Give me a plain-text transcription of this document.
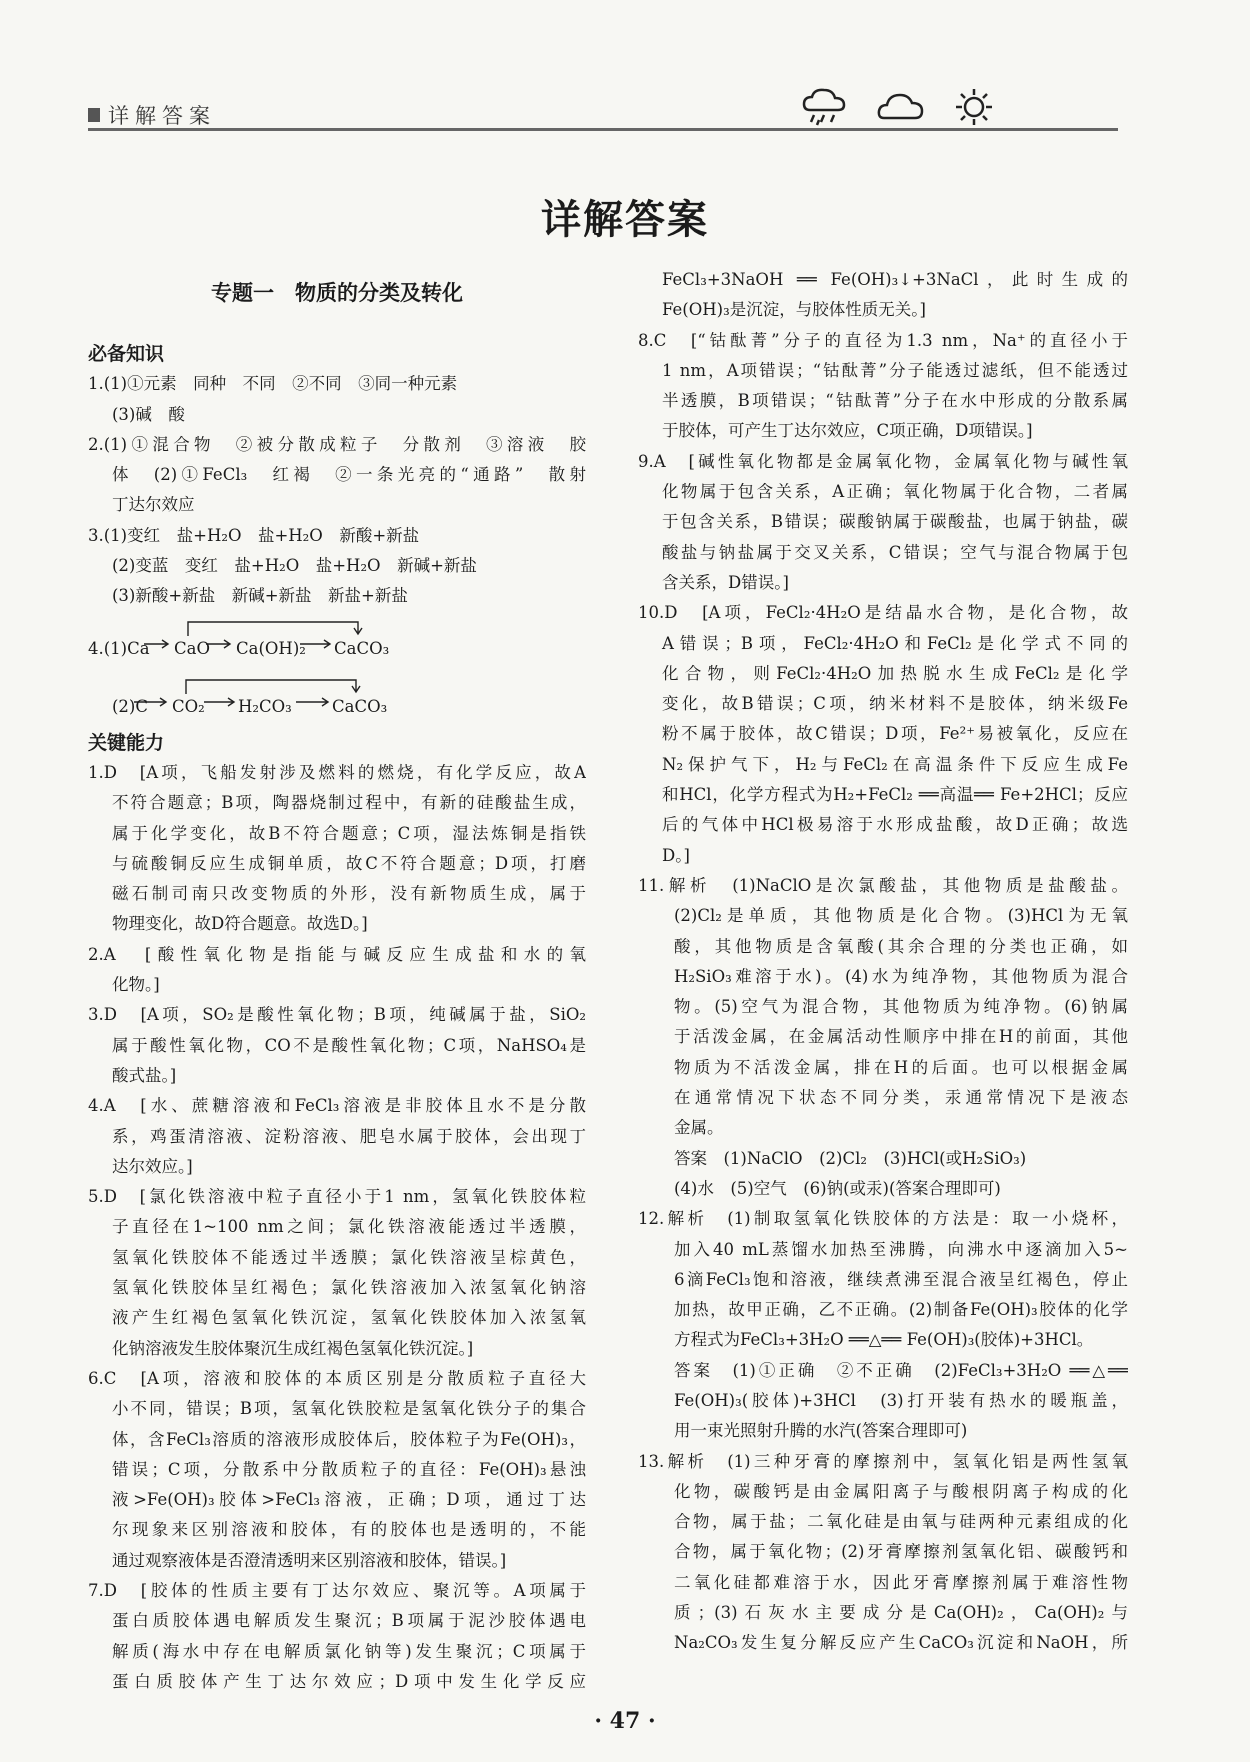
详解答案
详解答案
专题一　物质的分类及转化
必备知识
1.(1)①元素　同种　不同　②不同　③同一种元素
(3)碱　酸
2.(1)①混合物　②被分散成粒子　分散剂　③溶液　胶
体　(2)①FeCl₃　红褐　②一条光亮的“通路”　散射
丁达尔效应
3.(1)变红　盐+H₂O　盐+H₂O　新酸+新盐
(2)变蓝　变红　盐+H₂O　盐+H₂O　新碱+新盐
(3)新酸+新盐　新碱+新盐　新盐+新盐
4.(1)Ca CaO Ca(OH)₂ CaCO₃
(2)C CO₂ H₂CO₃ CaCO₃
关键能力
1.D　[A项，飞船发射涉及燃料的燃烧，有化学反应，故A
不符合题意；B项，陶器烧制过程中，有新的硅酸盐生成，
属于化学变化，故B不符合题意；C项，湿法炼铜是指铁
与硫酸铜反应生成铜单质，故C不符合题意；D项，打磨
磁石制司南只改变物质的外形，没有新物质生成，属于
物理变化，故D符合题意。故选D。]
2.A　[酸性氧化物是指能与碱反应生成盐和水的氧
化物。]
3.D　[A项，SO₂是酸性氧化物；B项，纯碱属于盐，SiO₂
属于酸性氧化物，CO不是酸性氧化物；C项，NaHSO₄是
酸式盐。]
4.A　[水、蔗糖溶液和FeCl₃溶液是非胶体且水不是分散
系，鸡蛋清溶液、淀粉溶液、肥皂水属于胶体，会出现丁
达尔效应。]
5.D　[氯化铁溶液中粒子直径小于1 nm，氢氧化铁胶体粒
子直径在1~100 nm之间；氯化铁溶液能透过半透膜，
氢氧化铁胶体不能透过半透膜；氯化铁溶液呈棕黄色，
氢氧化铁胶体呈红褐色；氯化铁溶液加入浓氢氧化钠溶
液产生红褐色氢氧化铁沉淀，氢氧化铁胶体加入浓氢氧
化钠溶液发生胶体聚沉生成红褐色氢氧化铁沉淀。]
6.C　[A项，溶液和胶体的本质区别是分散质粒子直径大
小不同，错误；B项，氢氧化铁胶粒是氢氧化铁分子的集合
体，含FeCl₃溶质的溶液形成胶体后，胶体粒子为Fe(OH)₃，
错误；C项，分散系中分散质粒子的直径：Fe(OH)₃悬浊
液>Fe(OH)₃胶体>FeCl₃溶液，正确；D项，通过丁达
尔现象来区别溶液和胶体，有的胶体也是透明的，不能
通过观察液体是否澄清透明来区别溶液和胶体，错误。]
7.D　[胶体的性质主要有丁达尔效应、聚沉等。A项属于
蛋白质胶体遇电解质发生聚沉；B项属于泥沙胶体遇电
解质(海水中存在电解质氯化钠等)发生聚沉；C项属于
蛋白质胶体产生丁达尔效应；D项中发生化学反应
FeCl₃+3NaOH ══ Fe(OH)₃↓+3NaCl，此时生成的
Fe(OH)₃是沉淀，与胶体性质无关。]
8.C　[“钴酞菁”分子的直径为1.3 nm，Na⁺的直径小于
1 nm，A项错误；“钴酞菁”分子能透过滤纸，但不能透过
半透膜，B项错误；“钴酞菁”分子在水中形成的分散系属
于胶体，可产生丁达尔效应，C项正确，D项错误。]
9.A　[碱性氧化物都是金属氧化物，金属氧化物与碱性氧
化物属于包含关系，A正确；氧化物属于化合物，二者属
于包含关系，B错误；碳酸钠属于碳酸盐，也属于钠盐，碳
酸盐与钠盐属于交叉关系，C错误；空气与混合物属于包
含关系，D错误。]
10.D　[A项，FeCl₂·4H₂O是结晶水合物，是化合物，故
A错误；B项，FeCl₂·4H₂O和FeCl₂是化学式不同的
化合物，则FeCl₂·4H₂O加热脱水生成FeCl₂是化学
变化，故B错误；C项，纳米材料不是胶体，纳米级Fe
粉不属于胶体，故C错误；D项，Fe²⁺易被氧化，反应在
N₂保护气下，H₂与FeCl₂在高温条件下反应生成Fe
和HCl，化学方程式为H₂+FeCl₂ ══高温══ Fe+2HCl；反应
后的气体中HCl极易溶于水形成盐酸，故D正确；故选
D。]
11.解析　(1)NaClO是次氯酸盐，其他物质是盐酸盐。
(2)Cl₂是单质，其他物质是化合物。(3)HCl为无氧
酸，其他物质是含氧酸(其余合理的分类也正确，如
H₂SiO₃难溶于水)。(4)水为纯净物，其他物质为混合
物。(5)空气为混合物，其他物质为纯净物。(6)钠属
于活泼金属，在金属活动性顺序中排在H的前面，其他
物质为不活泼金属，排在H的后面。也可以根据金属
在通常情况下状态不同分类，汞通常情况下是液态
金属。
答案　(1)NaClO　(2)Cl₂　(3)HCl(或H₂SiO₃)
(4)水　(5)空气　(6)钠(或汞)(答案合理即可)
12.解析　(1)制取氢氧化铁胶体的方法是：取一小烧杯，
加入40 mL蒸馏水加热至沸腾，向沸水中逐滴加入5~
6滴FeCl₃饱和溶液，继续煮沸至混合液呈红褐色，停止
加热，故甲正确，乙不正确。(2)制备Fe(OH)₃胶体的化学
方程式为FeCl₃+3H₂O ══△══ Fe(OH)₃(胶体)+3HCl。
答案　(1)①正确　②不正确　(2)FeCl₃+3H₂O ══△══
Fe(OH)₃(胶体)+3HCl　(3)打开装有热水的暖瓶盖，
用一束光照射升腾的水汽(答案合理即可)
13.解析　(1)三种牙膏的摩擦剂中，氢氧化铝是两性氢氧
化物，碳酸钙是由金属阳离子与酸根阴离子构成的化
合物，属于盐；二氧化硅是由氧与硅两种元素组成的化
合物，属于氧化物；(2)牙膏摩擦剂氢氧化铝、碳酸钙和
二氧化硅都难溶于水，因此牙膏摩擦剂属于难溶性物
质；(3)石灰水主要成分是Ca(OH)₂，Ca(OH)₂与
Na₂CO₃发生复分解反应产生CaCO₃沉淀和NaOH，所
· 47 ·
